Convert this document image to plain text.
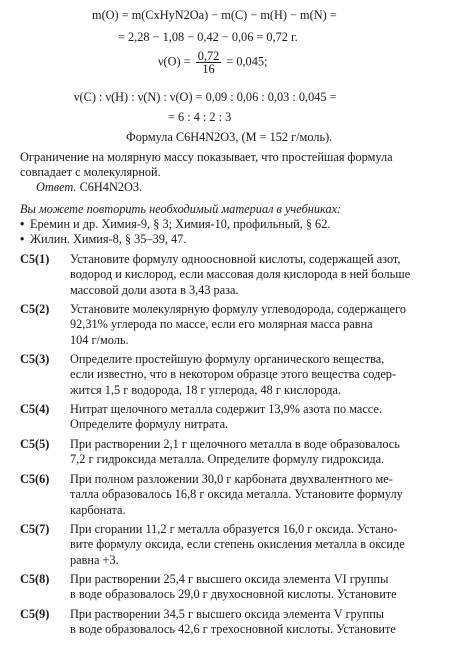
m(O) = m(CxHyN2Oa) − m(C) − m(H) − m(N) =
= 2,28 − 1,08 − 0,42 − 0,06 = 0,72 г.
$\nu(O) = \frac{0,72}{16} = 0,045$;
ν(C) : ν(H) : ν(N) : ν(O) = 0,09 : 0,06 : 0,03 : 0,045 =
= 6 : 4 : 2 : 3
Формула C6H4N2O3, (M = 152 г/моль).
Ограничение на молярную массу показывает, что простейшая формула
совпадает с молекулярной.
Ответ. C6H4N2O3.
Вы можете повторить необходимый материал в учебниках:
• Еремин и др. Химия-9, § 3; Химия-10, профильный, § 62.
• Жилин. Химия-8, § 35–39, 47.
С5(1)	Установите формулу одноосновной кислоты, содержащей азот,
водород и кислород, если массовая доля кислорода в ней больше
массовой доли азота в 3,43 раза.
С5(2)	Установите молекулярную формулу углеводорода, содержащего
92,31% углерода по массе, если его молярная масса равна
104 г/моль.
С5(3)	Определите простейшую формулу органического вещества,
если известно, что в некотором образце этого вещества содер-
жится 1,5 г водорода, 18 г углерода, 48 г кислорода.
С5(4)	Нитрат щелочного металла содержит 13,9% азота по массе.
Определите формулу нитрата.
С5(5)	При растворении 2,1 г щелочного металла в воде образовалось
7,2 г гидроксида металла. Определите формулу гидроксида.
С5(6)	При полном разложении 30,0 г карбоната двухвалентного ме-
талла образовалось 16,8 г оксида металла. Установите формулу
карбоната.
С5(7)	При сгорании 11,2 г металла образуется 16,0 г оксида. Устано-
вите формулу оксида, если степень окисления металла в оксиде
равна +3.
С5(8)	При растворении 25,4 г высшего оксида элемента VI группы
в воде образовалось 29,0 г двухосновной кислоты. Установите
С5(9)	При растворении 34,5 г высшего оксида элемента V группы
в воде образовалось 42,6 г трехосновной кислоты. Установите
